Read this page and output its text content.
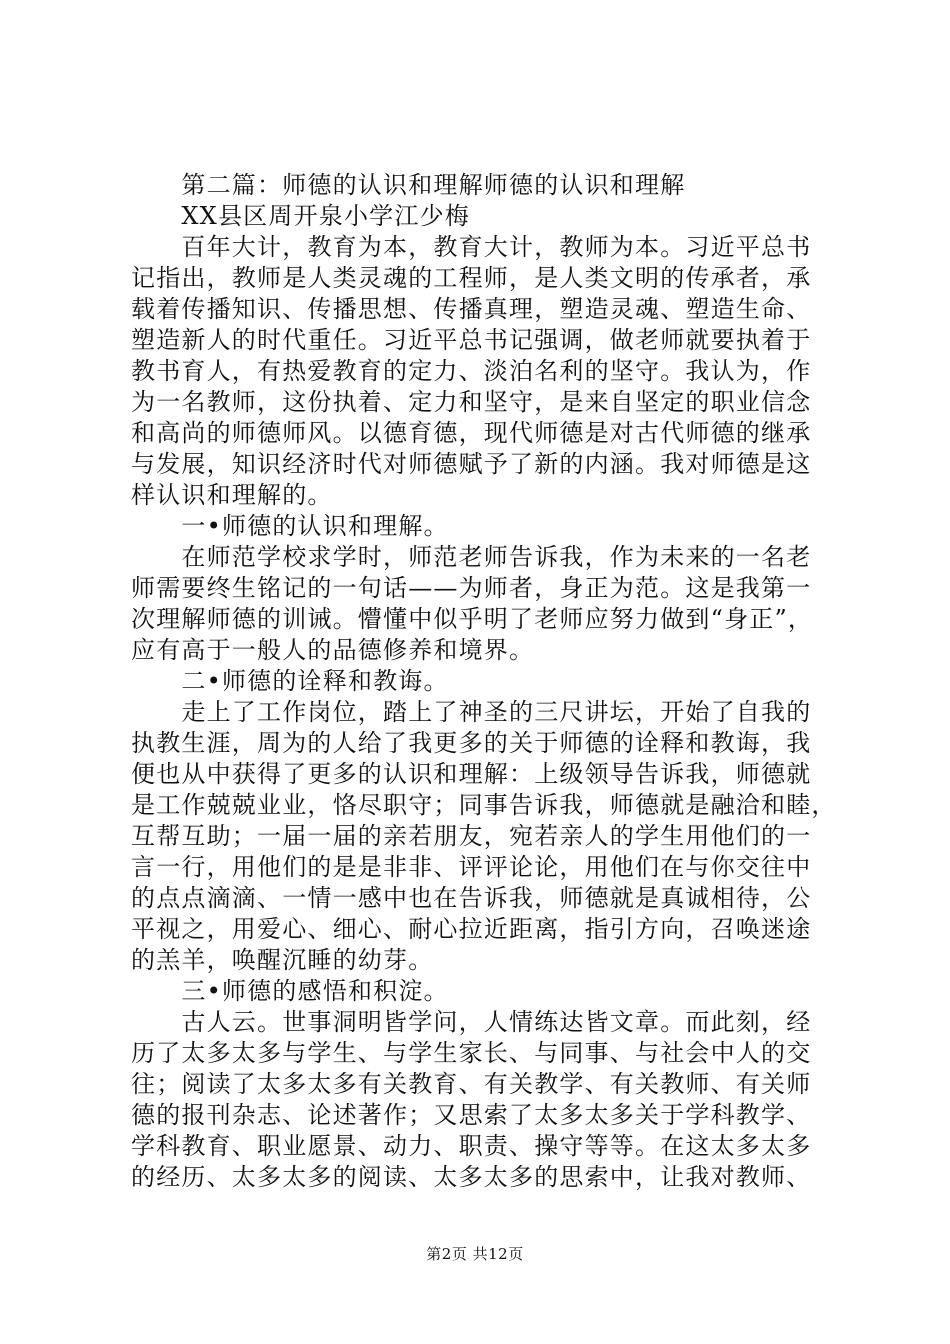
　　第二篇：师德的认识和理解师德的认识和理解
　　XX县区周开泉小学江少梅
　　百年大计，教育为本，教育大计，教师为本。习近平总书
记指出，教师是人类灵魂的工程师，是人类文明的传承者，承
载着传播知识、传播思想、传播真理，塑造灵魂、塑造生命、
塑造新人的时代重任。习近平总书记强调，做老师就要执着于
教书育人，有热爱教育的定力、淡泊名利的坚守。我认为，作
为一名教师，这份执着、定力和坚守，是来自坚定的职业信念
和高尚的师德师风。以德育德，现代师德是对古代师德的继承
与发展，知识经济时代对师德赋予了新的内涵。我对师德是这
样认识和理解的。
　　一•师德的认识和理解。
　　在师范学校求学时，师范老师告诉我，作为未来的一名老
师需要终生铭记的一句话——为师者，身正为范。这是我第一
次理解师德的训诫。懵懂中似乎明了老师应努力做到“身正”，
应有高于一般人的品德修养和境界。
　　二•师德的诠释和教诲。
　　走上了工作岗位，踏上了神圣的三尺讲坛，开始了自我的
执教生涯，周为的人给了我更多的关于师德的诠释和教诲，我
便也从中获得了更多的认识和理解：上级领导告诉我，师德就
是工作兢兢业业，恪尽职守；同事告诉我，师德就是融洽和睦，
互帮互助；一届一届的亲若朋友，宛若亲人的学生用他们的一
言一行，用他们的是是非非、评评论论，用他们在与你交往中
的点点滴滴、一情一感中也在告诉我，师德就是真诚相待，公
平视之，用爱心、细心、耐心拉近距离，指引方向，召唤迷途
的羔羊，唤醒沉睡的幼芽。
　　三•师德的感悟和积淀。
　　古人云。世事洞明皆学问，人情练达皆文章。而此刻，经
历了太多太多与学生、与学生家长、与同事、与社会中人的交
往；阅读了太多太多有关教育、有关教学、有关教师、有关师
德的报刊杂志、论述著作；又思索了太多太多关于学科教学、
学科教育、职业愿景、动力、职责、操守等等。在这太多太多
的经历、太多太多的阅读、太多太多的思索中，让我对教师、
第2页 共12页
